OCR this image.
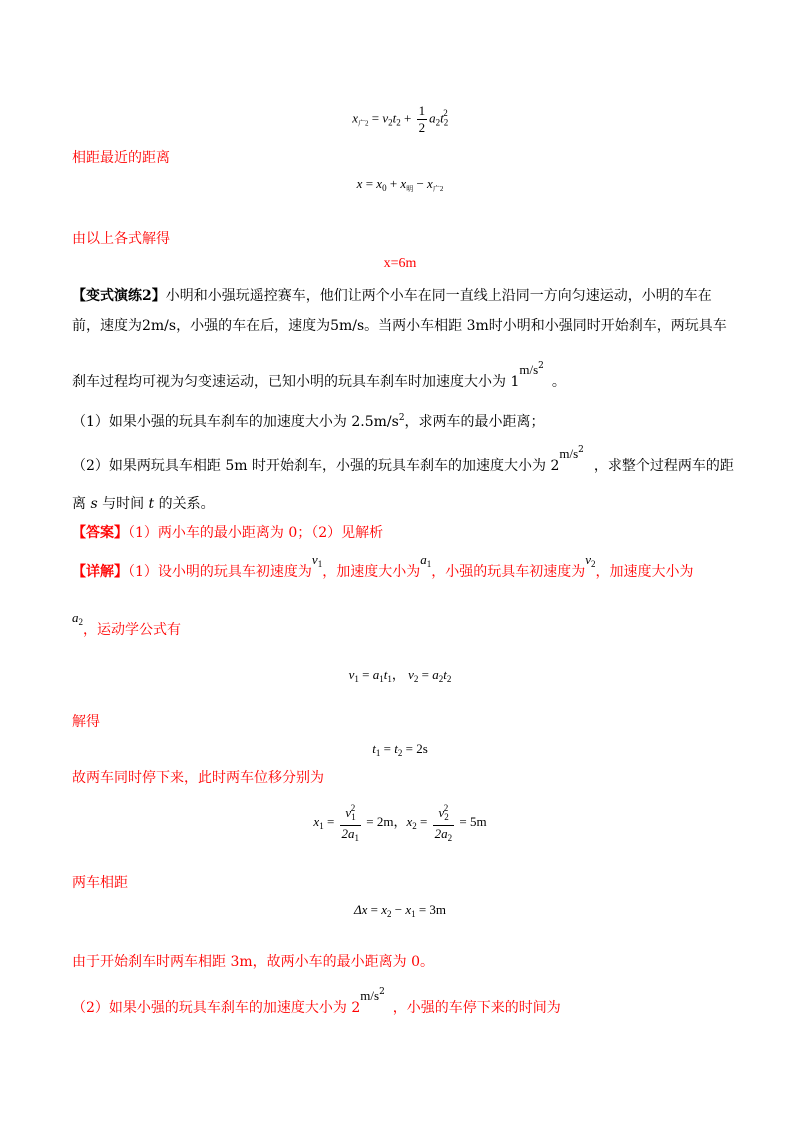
$x_{广2} = v_2t_2 + \frac{1}{2} a_2t_2^2$
相距最近的距离
$x = x_0 + x_明 - x_{广2}$
由以上各式解得
x=6m
【变式演练2】小明和小强玩遥控赛车，他们让两个小车在同一直线上沿同一方向匀速运动，小明的车在
前，速度为2m/s，小强的车在后，速度为5m/s。当两小车相距 3m时小明和小强同时开始刹车，两玩具车
刹车过程均可视为匀变速运动，已知小明的玩具车刹车时加速度大小为 $1m/s^2$。
（1）如果小强的玩具车刹车的加速度大小为 $2.5m/s^2$，求两车的最小距离；
（2）如果两玩具车相距 5m 时开始刹车，小强的玩具车刹车的加速度大小为 $2m/s^2$，求整个过程两车的距
离 s 与时间 t 的关系。
【答案】（1）两小车的最小距离为 0；（2）见解析
【详解】（1）设小明的玩具车初速度为$v_1$，加速度大小为$a_1$，小强的玩具车初速度为$v_2$，加速度大小为
$a_2$，运动学公式有
$v_1 = a_1t_1$， $v_2 = a_2t_2$
解得
$t_1 = t_2 = 2s$
故两车同时停下来，此时两车位移分别为
$x_1 = \frac{v_1^2}{2a_1} = 2m$，$x_2 = \frac{v_2^2}{2a_2} = 5m$
两车相距
$\Delta x = x_2 - x_1 = 3m$
由于开始刹车时两车相距 3m，故两小车的最小距离为 0。
（2）如果小强的玩具车刹车的加速度大小为 $2m/s^2$，小强的车停下来的时间为
